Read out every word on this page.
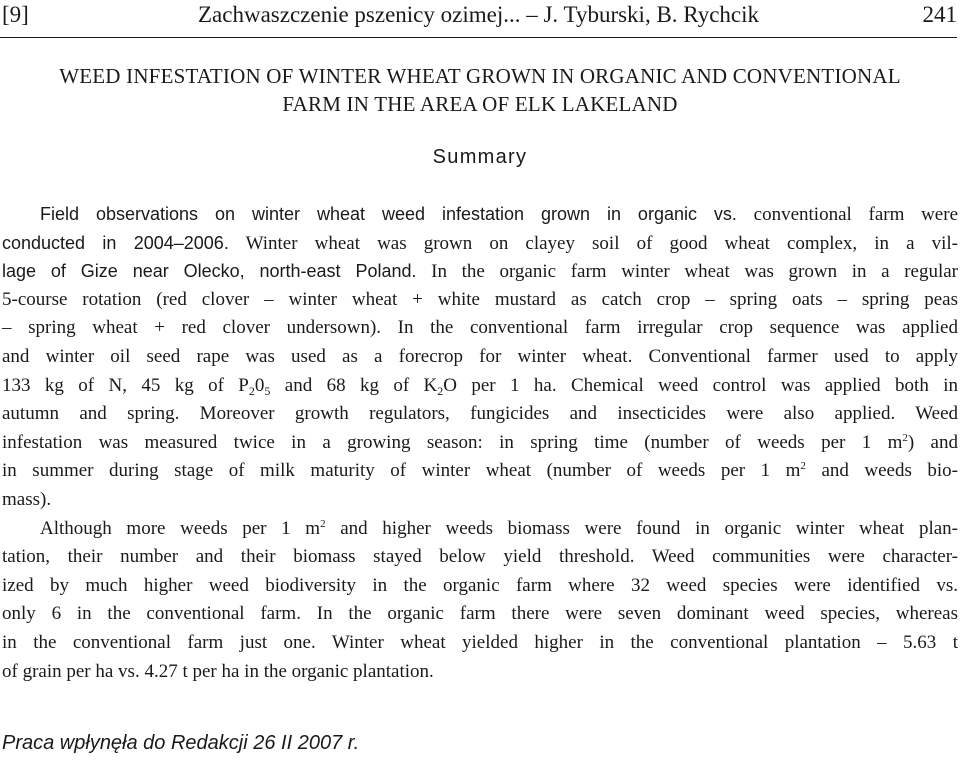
[9]	Zachwaszczenie pszenicy ozimej... – J. Tyburski, B. Rychcik	241
WEED INFESTATION OF WINTER WHEAT GROWN IN ORGANIC AND CONVENTIONAL
FARM IN THE AREA OF ELK LAKELAND
Summary
Field observations on winter wheat weed infestation grown in organic vs. conventional farm were
conducted in 2004–2006. Winter wheat was grown on clayey soil of good wheat complex, in a vil-
lage of Gize near Olecko, north-east Poland. In the organic farm winter wheat was grown in a regular
5-course rotation (red clover – winter wheat + white mustard as catch crop – spring oats – spring peas
– spring wheat + red clover undersown). In the conventional farm irregular crop sequence was applied
and winter oil seed rape was used as a forecrop for winter wheat. Conventional farmer used to apply
133 kg of N, 45 kg of $P_20_5$ and 68 kg of $K_2O$ per 1 ha. Chemical weed control was applied both in
autumn and spring. Moreover growth regulators, fungicides and insecticides were also applied. Weed
infestation was measured twice in a growing season: in spring time (number of weeds per 1 $m^2$) and
in summer during stage of milk maturity of winter wheat (number of weeds per 1 $m^2$ and weeds bio-
mass).
Although more weeds per 1 $m^2$ and higher weeds biomass were found in organic winter wheat plan-
tation, their number and their biomass stayed below yield threshold. Weed communities were character-
ized by much higher weed biodiversity in the organic farm where 32 weed species were identified vs.
only 6 in the conventional farm. In the organic farm there were seven dominant weed species, whereas
in the conventional farm just one. Winter wheat yielded higher in the conventional plantation – 5.63 t
of grain per ha vs. 4.27 t per ha in the organic plantation.
Praca wpłynęła do Redakcji 26 II 2007 r.
